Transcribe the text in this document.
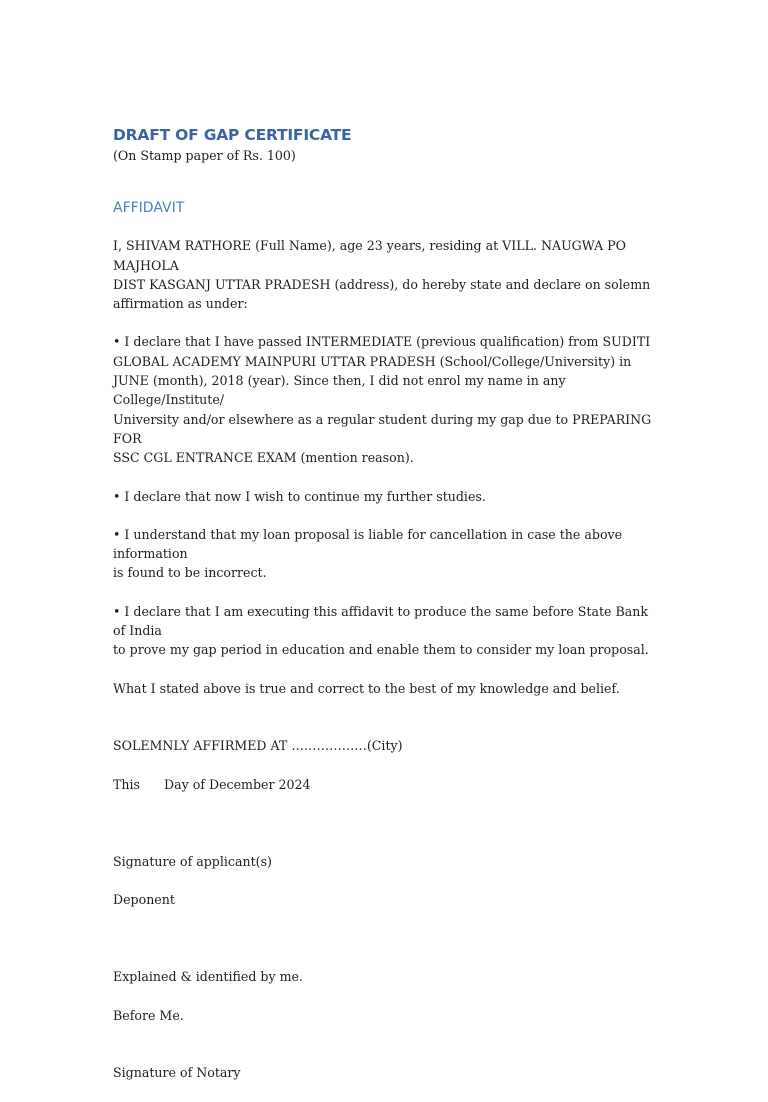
DRAFT OF GAP CERTIFICATE

(On Stamp paper of Rs. 100)

AFFIDAVIT

I, SHIVAM RATHORE (Full Name), age 23 years, residing at VILL. NAUGWA PO MAJHOLA
DIST KASGANJ UTTAR PRADESH (address), do hereby state and declare on solemn
affirmation as under:

• I declare that I have passed INTERMEDIATE (previous qualification) from SUDITI
GLOBAL ACADEMY MAINPURI UTTAR PRADESH (School/College/University) in
JUNE (month), 2018 (year). Since then, I did not enrol my name in any College/Institute/
University and/or elsewhere as a regular student during my gap due to PREPARING FOR
SSC CGL ENTRANCE EXAM (mention reason).

• I declare that now I wish to continue my further studies.

• I understand that my loan proposal is liable for cancellation in case the above information
is found to be incorrect.

• I declare that I am executing this affidavit to produce the same before State Bank of India
to prove my gap period in education and enable them to consider my loan proposal.

What I stated above is true and correct to the best of my knowledge and belief.

SOLEMNLY AFFIRMED AT ………………(City)

This Day of December 2024

Signature of applicant(s)

Deponent

Explained & identified by me.

Before Me.

Signature of Notary
